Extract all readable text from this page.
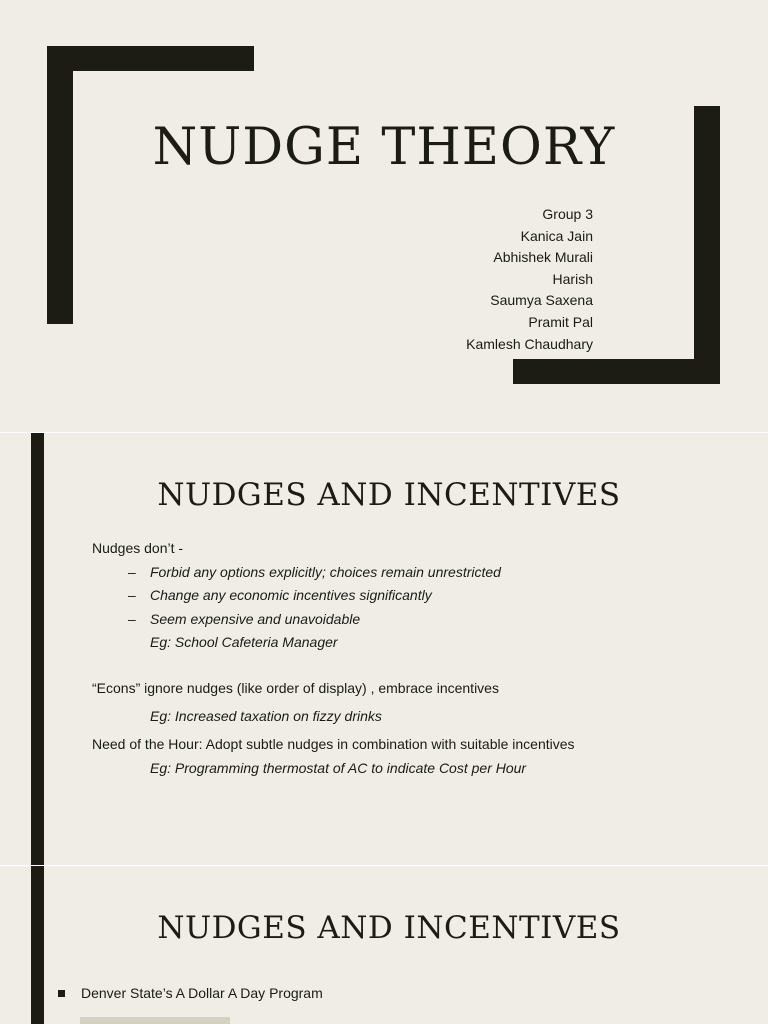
NUDGE THEORY
Group 3
Kanica Jain
Abhishek Murali
Harish
Saumya Saxena
Pramit Pal
Kamlesh Chaudhary
NUDGES AND INCENTIVES
Nudges don’t -
– Forbid any options explicitly; choices remain unrestricted
– Change any economic incentives significantly
– Seem expensive and unavoidable
Eg: School Cafeteria Manager
“Econs” ignore nudges (like order of display) , embrace incentives
Eg: Increased taxation on fizzy drinks
Need of the Hour: Adopt subtle nudges in combination with suitable incentives
Eg: Programming thermostat of AC to indicate Cost per Hour
NUDGES AND INCENTIVES
Denver State’s A Dollar A Day Program
